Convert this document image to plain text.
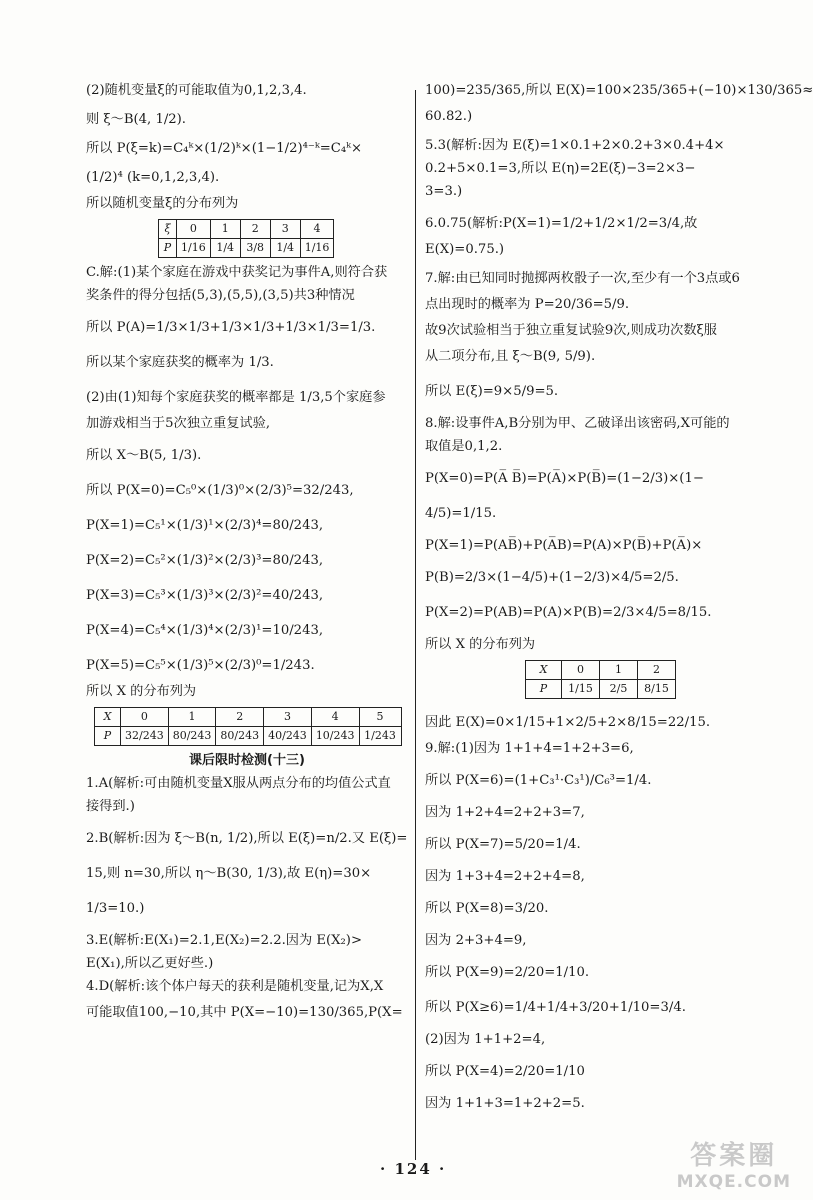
(2)随机变量ξ的可能取值为0,1,2,3,4.
则 ξ～B(4, 1/2).
所以 P(ξ=k)=C₄ᵏ×(1/2)ᵏ×(1−1/2)⁴⁻ᵏ=C₄ᵏ×
(1/2)⁴ (k=0,1,2,3,4).
所以随机变量ξ的分布列为
ξ	0	1	2	3	4
P	1/16	1/4	3/8	1/4	1/16
C.解:(1)某个家庭在游戏中获奖记为事件A,则符合获
奖条件的得分包括(5,3),(5,5),(3,5)共3种情况
所以 P(A)=1/3×1/3+1/3×1/3+1/3×1/3=1/3.
所以某个家庭获奖的概率为 1/3.
(2)由(1)知每个家庭获奖的概率都是 1/3,5个家庭参
加游戏相当于5次独立重复试验,
所以 X～B(5, 1/3).
所以 P(X=0)=C₅⁰×(1/3)⁰×(2/3)⁵=32/243,
P(X=1)=C₅¹×(1/3)¹×(2/3)⁴=80/243,
P(X=2)=C₅²×(1/3)²×(2/3)³=80/243,
P(X=3)=C₅³×(1/3)³×(2/3)²=40/243,
P(X=4)=C₅⁴×(1/3)⁴×(2/3)¹=10/243,
P(X=5)=C₅⁵×(1/3)⁵×(2/3)⁰=1/243.
所以 X 的分布列为
X	0	1	2	3	4	5
P	32/243	80/243	80/243	40/243	10/243	1/243
课后限时检测(十三)
1.A(解析:可由随机变量X服从两点分布的均值公式直
接得到.)
2.B(解析:因为 ξ～B(n, 1/2),所以 E(ξ)=n/2.又 E(ξ)=
15,则 n=30,所以 η～B(30, 1/3),故 E(η)=30×
1/3=10.)
3.E(解析:E(X₁)=2.1,E(X₂)=2.2.因为 E(X₂)>
E(X₁),所以乙更好些.)
4.D(解析:该个体户每天的获利是随机变量,记为X,X
可能取值100,−10,其中 P(X=−10)=130/365,P(X=
100)=235/365,所以 E(X)=100×235/365+(−10)×130/365≈
60.82.)
5.3(解析:因为 E(ξ)=1×0.1+2×0.2+3×0.4+4×
0.2+5×0.1=3,所以 E(η)=2E(ξ)−3=2×3−
3=3.)
6.0.75(解析:P(X=1)=1/2+1/2×1/2=3/4,故
E(X)=0.75.)
7.解:由已知同时抛掷两枚骰子一次,至少有一个3点或6
点出现时的概率为 P=20/36=5/9.
故9次试验相当于独立重复试验9次,则成功次数ξ服
从二项分布,且 ξ～B(9, 5/9).
所以 E(ξ)=9×5/9=5.
8.解:设事件A,B分别为甲、乙破译出该密码,X可能的
取值是0,1,2.
P(X=0)=P(A̅ B̅)=P(A̅)×P(B̅)=(1−2/3)×(1−
4/5)=1/15.
P(X=1)=P(AB̅)+P(A̅B)=P(A)×P(B̅)+P(A̅)×
P(B)=2/3×(1−4/5)+(1−2/3)×4/5=2/5.
P(X=2)=P(AB)=P(A)×P(B)=2/3×4/5=8/15.
所以 X 的分布列为
X	0	1	2
P	1/15	2/5	8/15
因此 E(X)=0×1/15+1×2/5+2×8/15=22/15.
9.解:(1)因为 1+1+4=1+2+3=6,
所以 P(X=6)=(1+C₃¹·C₃¹)/C₆³=1/4.
因为 1+2+4=2+2+3=7,
所以 P(X=7)=5/20=1/4.
因为 1+3+4=2+2+4=8,
所以 P(X=8)=3/20.
因为 2+3+4=9,
所以 P(X=9)=2/20=1/10.
所以 P(X≥6)=1/4+1/4+3/20+1/10=3/4.
(2)因为 1+1+2=4,
所以 P(X=4)=2/20=1/10
因为 1+1+3=1+2+2=5.
· 124 ·	答案圈
MXQE.COM
